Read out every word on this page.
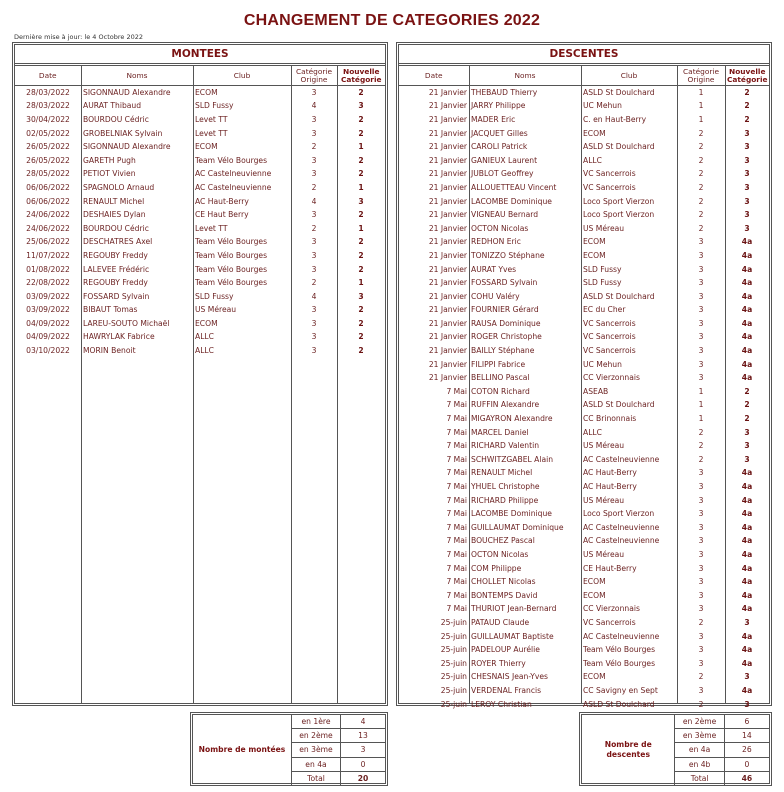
CHANGEMENT DE CATEGORIES 2022
Dernière mise à jour: le 4 Octobre 2022
MONTEES
Date	Noms	Club	Catégorie Origine	Nouvelle Catégorie
28/03/2022	SIGONNAUD Alexandre	ECOM	3	2
28/03/2022	AURAT Thibaud	SLD Fussy	4	3
30/04/2022	BOURDOU Cédric	Levet TT	3	2
02/05/2022	GROBELNIAK Sylvain	Levet TT	3	2
26/05/2022	SIGONNAUD Alexandre	ECOM	2	1
26/05/2022	GARETH Pugh	Team Vélo Bourges	3	2
28/05/2022	PETIOT Vivien	AC Castelneuvienne	3	2
06/06/2022	SPAGNOLO Arnaud	AC Castelneuvienne	2	1
06/06/2022	RENAULT Michel	AC Haut-Berry	4	3
24/06/2022	DESHAIES Dylan	CE Haut Berry	3	2
24/06/2022	BOURDOU Cédric	Levet TT	2	1
25/06/2022	DESCHATRES Axel	Team Vélo Bourges	3	2
11/07/2022	REGOUBY Freddy	Team Vélo Bourges	3	2
01/08/2022	LALEVEE Frédéric	Team Vélo Bourges	3	2
22/08/2022	REGOUBY Freddy	Team Vélo Bourges	2	1
03/09/2022	FOSSARD Sylvain	SLD Fussy	4	3
03/09/2022	BIBAUT Tomas	US Méreau	3	2
04/09/2022	LAREU-SOUTO Michaël	ECOM	3	2
04/09/2022	HAWRYLAK Fabrice	ALLC	3	2
03/10/2022	MORIN Benoit	ALLC	3	2
DESCENTES
Date	Noms	Club	Catégorie Origine	Nouvelle Catégorie
21 Janvier	THEBAUD Thierry	ASLD St Doulchard	1	2
21 Janvier	JARRY Philippe	UC Mehun	1	2
21 Janvier	MADER Eric	C. en Haut-Berry	1	2
21 Janvier	JACQUET Gilles	ECOM	2	3
21 Janvier	CAROLI Patrick	ASLD St Doulchard	2	3
21 Janvier	GANIEUX Laurent	ALLC	2	3
21 Janvier	JUBLOT Geoffrey	VC Sancerrois	2	3
21 Janvier	ALLOUETTEAU Vincent	VC Sancerrois	2	3
21 Janvier	LACOMBE Dominique	Loco Sport Vierzon	2	3
21 Janvier	VIGNEAU Bernard	Loco Sport Vierzon	2	3
21 Janvier	OCTON Nicolas	US Méreau	2	3
21 Janvier	REDHON Eric	ECOM	3	4a
21 Janvier	TONIZZO Stéphane	ECOM	3	4a
21 Janvier	AURAT Yves	SLD Fussy	3	4a
21 Janvier	FOSSARD Sylvain	SLD Fussy	3	4a
21 Janvier	COHU Valéry	ASLD St Doulchard	3	4a
21 Janvier	FOURNIER Gérard	EC du Cher	3	4a
21 Janvier	RAUSA Dominique	VC Sancerrois	3	4a
21 Janvier	ROGER Christophe	VC Sancerrois	3	4a
21 Janvier	BAILLY Stéphane	VC Sancerrois	3	4a
21 Janvier	FILIPPI Fabrice	UC Mehun	3	4a
21 Janvier	BELLINO Pascal	CC Vierzonnais	3	4a
7 Mai	COTON Richard	ASEAB	1	2
7 Mai	RUFFIN Alexandre	ASLD St Doulchard	1	2
7 Mai	MIGAYRON Alexandre	CC Brinonnais	1	2
7 Mai	MARCEL Daniel	ALLC	2	3
7 Mai	RICHARD Valentin	US Méreau	2	3
7 Mai	SCHWITZGABEL Alain	AC Castelneuvienne	2	3
7 Mai	RENAULT Michel	AC Haut-Berry	3	4a
7 Mai	YHUEL Christophe	AC Haut-Berry	3	4a
7 Mai	RICHARD Philippe	US Méreau	3	4a
7 Mai	LACOMBE Dominique	Loco Sport Vierzon	3	4a
7 Mai	GUILLAUMAT Dominique	AC Castelneuvienne	3	4a
7 Mai	BOUCHEZ Pascal	AC Castelneuvienne	3	4a
7 Mai	OCTON Nicolas	US Méreau	3	4a
7 Mai	COM Philippe	CE Haut-Berry	3	4a
7 Mai	CHOLLET Nicolas	ECOM	3	4a
7 Mai	BONTEMPS David	ECOM	3	4a
7 Mai	THURIOT Jean-Bernard	CC Vierzonnais	3	4a
25-juin	PATAUD Claude	VC Sancerrois	2	3
25-juin	GUILLAUMAT Baptiste	AC Castelneuvienne	3	4a
25-juin	PADELOUP Aurélie	Team Vélo Bourges	3	4a
25-juin	ROYER Thierry	Team Vélo Bourges	3	4a
25-juin	CHESNAIS Jean-Yves	ECOM	2	3
25-juin	VERDENAL Francis	CC Savigny en Sept	3	4a
25-juin	LEROY Christian	ASLD St Doulchard	2	3
Nombre de montées	en 1ère	4
	en 2ème	13
	en 3ème	3
	en 4a	0
	Total	20
Nombre de descentes	en 2ème	6
	en 3ème	14
	en 4a	26
	en 4b	0
	Total	46
